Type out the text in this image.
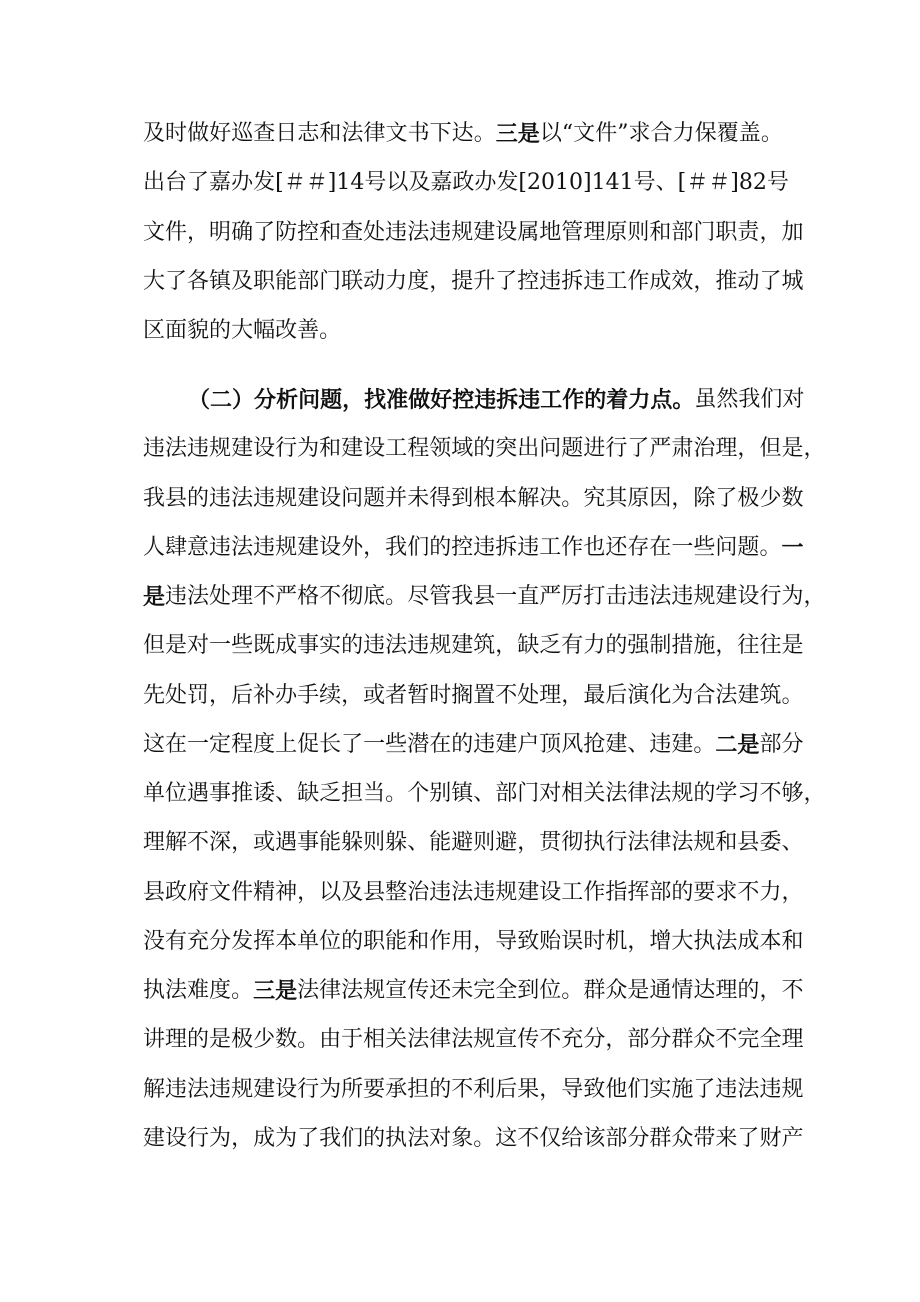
及 时 做 好 巡 查 日 志 和 法 律 文 书 下 达 。 三 是 以 “ 文 件 ” 求 合 力 保 覆 盖 。
出 台 了 嘉 办 发 [ ＃ ＃ ] 1 4 号 以 及 嘉 政 办 发 [ 2 0 1 0 ] 1 4 1 号 、 [ ＃ ＃ ] 8 2 号
文 件 ， 明 确 了 防 控 和 查 处 违 法 违 规 建 设 属 地 管 理 原 则 和 部 门 职 责 ， 加
大 了 各 镇 及 职 能 部 门 联 动 力 度 ， 提 升 了 控 违 拆 违 工 作 成 效 ， 推 动 了 城
区 面 貌 的 大 幅 改 善 。
（ 二 ） 分 析 问 题 ， 找 准 做 好 控 违 拆 违 工 作 的 着 力 点 。 虽 然 我 们 对
违 法 违 规 建 设 行 为 和 建 设 工 程 领 域 的 突 出 问 题 进 行 了 严 肃 治 理 ， 但 是 ，
我 县 的 违 法 违 规 建 设 问 题 并 未 得 到 根 本 解 决 。 究 其 原 因 ， 除 了 极 少 数
人 肆 意 违 法 违 规 建 设 外 ， 我 们 的 控 违 拆 违 工 作 也 还 存 在 一 些 问 题 。 一
是 违 法 处 理 不 严 格 不 彻 底 。 尽 管 我 县 一 直 严 厉 打 击 违 法 违 规 建 设 行 为 ，
但 是 对 一 些 既 成 事 实 的 违 法 违 规 建 筑 ， 缺 乏 有 力 的 强 制 措 施 ， 往 往 是
先 处 罚 ， 后 补 办 手 续 ， 或 者 暂 时 搁 置 不 处 理 ， 最 后 演 化 为 合 法 建 筑 。
这 在 一 定 程 度 上 促 长 了 一 些 潜 在 的 违 建 户 顶 风 抢 建 、 违 建 。 二 是 部 分
单 位 遇 事 推 诿 、 缺 乏 担 当 。 个 别 镇 、 部 门 对 相 关 法 律 法 规 的 学 习 不 够 ，
理 解 不 深 ， 或 遇 事 能 躲 则 躲 、 能 避 则 避 ， 贯 彻 执 行 法 律 法 规 和 县 委 、
县 政 府 文 件 精 神 ， 以 及 县 整 治 违 法 违 规 建 设 工 作 指 挥 部 的 要 求 不 力 ，
没 有 充 分 发 挥 本 单 位 的 职 能 和 作 用 ， 导 致 贻 误 时 机 ， 增 大 执 法 成 本 和
执 法 难 度 。 三 是 法 律 法 规 宣 传 还 未 完 全 到 位 。 群 众 是 通 情 达 理 的 ， 不
讲 理 的 是 极 少 数 。 由 于 相 关 法 律 法 规 宣 传 不 充 分 ， 部 分 群 众 不 完 全 理
解 违 法 违 规 建 设 行 为 所 要 承 担 的 不 利 后 果 ， 导 致 他 们 实 施 了 违 法 违 规
建 设 行 为 ， 成 为 了 我 们 的 执 法 对 象 。 这 不 仅 给 该 部 分 群 众 带 来 了 财 产
